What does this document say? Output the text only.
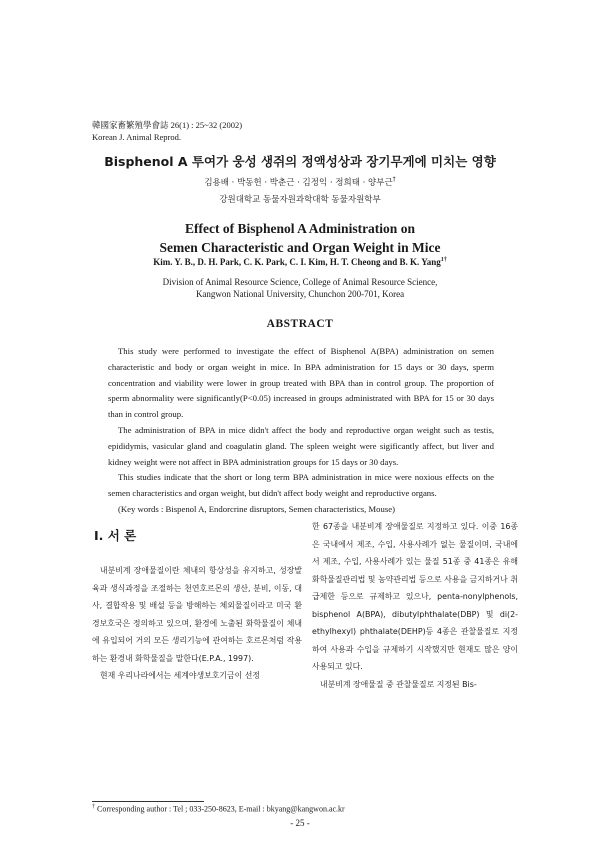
韓國家畜繁殖學會誌 26(1) : 25~32 (2002)
Korean J. Animal Reprod.
Bisphenol A 투여가 웅성 생쥐의 정액성상과 장기무게에 미치는 영향
김용배 · 박동헌 · 박춘근 · 김정익 · 정희태 · 양부근†
강원대학교 동물자원과학대학 동물자원학부
Effect of Bisphenol A Administration on
Semen Characteristic and Organ Weight in Mice
Kim. Y. B., D. H. Park, C. K. Park, C. I. Kim, H. T. Cheong and B. K. Yang$^{1\dagger}$
Division of Animal Resource Science, College of Animal Resource Science,
Kangwon National University, Chunchon 200-701, Korea
ABSTRACT

This study were performed to investigate the effect of Bisphenol A(BPA) administration on semen characteristic and body or organ weight in mice. In BPA administration for 15 days or 30 days, sperm concentration and viability were lower in group treated with BPA than in control group. The proportion of sperm abnormality were significantly(P<0.05) increased in groups administrated with BPA for 15 or 30 days than in control group.

The administration of BPA in mice didn't affect the body and reproductive organ weight such as testis, epididymis, vasicular gland and coagulatin gland. The spleen weight were sigificantly affect, but liver and kidney weight were not affect in BPA administration groups for 15 days or 30 days.

This studies indicate that the short or long term BPA administration in mice were noxious effects on the semen characteristics and organ weight, but didn't affect body weight and reproductive organs.

(Key words : Bispenol A, Endorcrine disruptors, Semen characteristics, Mouse)

Ⅰ. 서 론

내분비계 장애물질이란 체내의 항상성을 유지하고, 성장발육과 생식과정을 조절하는 천연호르몬의 생산, 분비, 이동, 대사, 결합작용 및 배설 등을 방해하는 체외물질이라고 미국 환경보호국은 정의하고 있으며, 환경에 노출된 화학물질이 체내에 유입되어 거의 모든 생리기능에 관여하는 호르몬처럼 작용하는 환경내 화학물질을 말한다(E.P.A., 1997).

현재 우리나라에서는 세계야생보호기금이 선정

한 67종을 내분비계 장애물질로 지정하고 있다. 이중 16종은 국내에서 제조, 수입, 사용사례가 없는 물질이며, 국내에서 제조, 수입, 사용사례가 있는 물질 51종 중 41종은 유해화학물질관리법 및 농약관리법 등으로 사용을 금지하거나 취급제한 등으로 규제하고 있으나, penta-nonylphenols, bisphenol A(BPA), dibutylphthalate(DBP) 및 di(2-ethylhexyl) phthalate(DEHP)등 4종은 관찰물질로 지정하여 사용과 수입을 규제하기 시작했지만 현재도 많은 양이 사용되고 있다.

내분비계 장애물질 중 관찰물질로 지정된 Bis-

† Corresponding author : Tel ; 033-250-8623, E-mail : bkyang@kangwon.ac.kr
- 25 -
